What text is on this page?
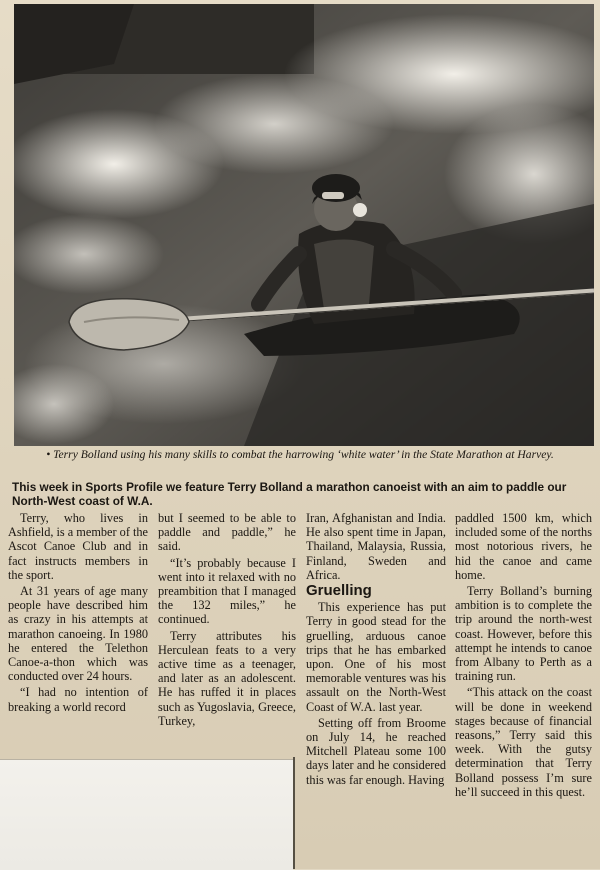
• Terry Bolland using his many skills to combat the harrowing ‘white water’ in the State Marathon at Harvey.
This week in Sports Profile we feature Terry Bolland a marathon canoeist with an aim to paddle our North-West coast of W.A.

Terry, who lives in Ashfield, is a member of the Ascot Canoe Club and in fact instructs members in the sport.

At 31 years of age many people have described him as crazy in his attempts at marathon canoeing. In 1980 he entered the Telethon Canoe-a-thon which was conducted over 24 hours.

“I had no intention of breaking a world record

but I seemed to be able to paddle and paddle,” he said.

“It’s probably because I went into it relaxed with no preambition that I managed the 132 miles,” he continued.

Terry attributes his Herculean feats to a very active time as a teenager, and later as an adolescent. He has ruffed it in places such as Yugoslavia, Greece, Turkey,

Iran, Afghanistan and India. He also spent time in Japan, Thailand, Malaysia, Russia, Finland, Sweden and Africa.

Gruelling

This experience has put Terry in good stead for the gruelling, arduous canoe trips that he has embarked upon. One of his most memorable ventures was his assault on the North-West Coast of W.A. last year.

Setting off from Broome on July 14, he reached Mitchell Plateau some 100 days later and he considered this was far enough. Having

paddled 1500 km, which included some of the norths most notorious rivers, he hid the canoe and came home.

Terry Bolland’s burning ambition is to complete the trip around the north-west coast. However, before this attempt he intends to canoe from Albany to Perth as a training run.

“This attack on the coast will be done in weekend stages because of financial reasons,” Terry said this week. With the gutsy determination that Terry Bolland possess I’m sure he’ll succeed in this quest.
